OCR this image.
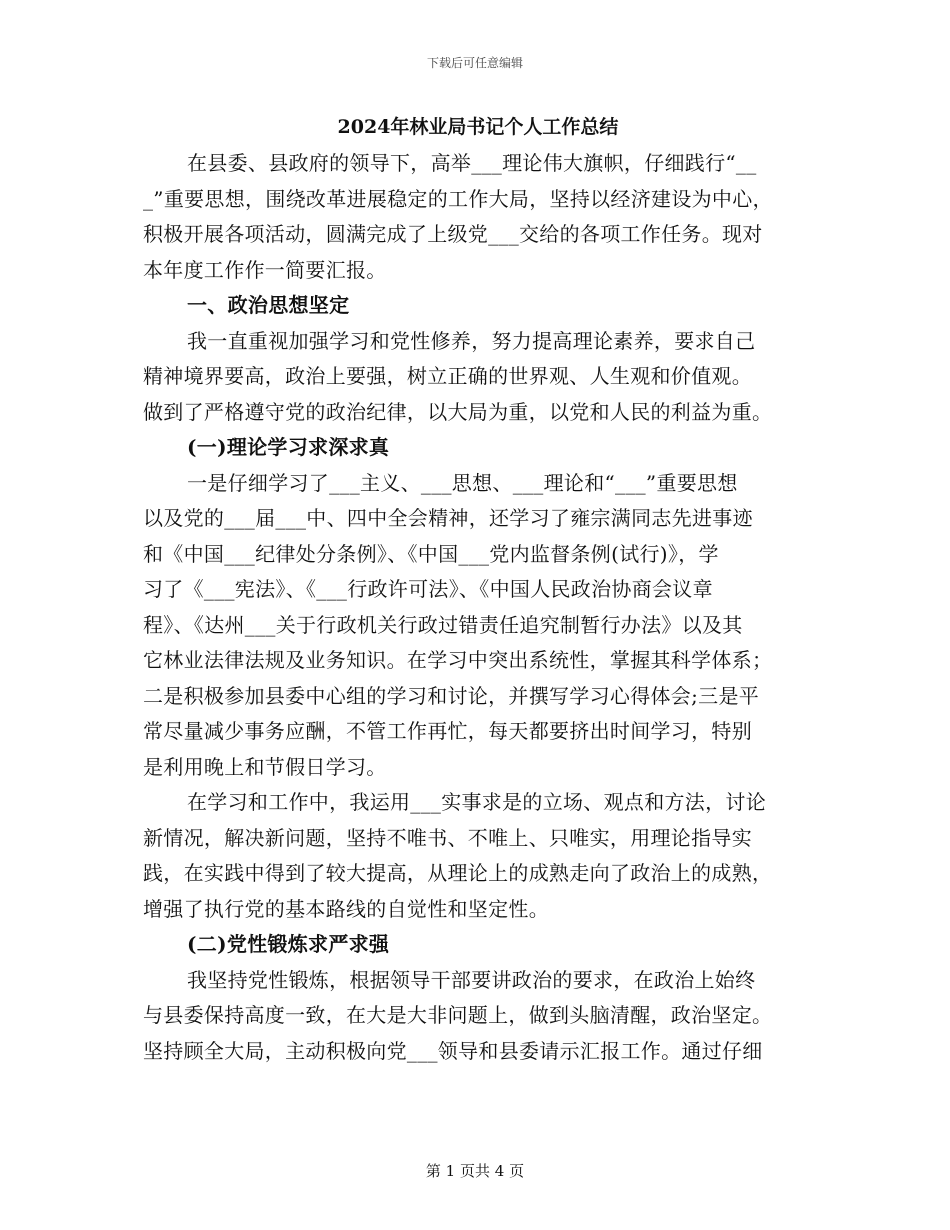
下载后可任意编辑
2024年林业局书记个人工作总结
在县委、县政府的领导下，高举___理论伟大旗帜，仔细践行“__
_”重要思想，围绕改革进展稳定的工作大局，坚持以经济建设为中心，
积极开展各项活动，圆满完成了上级党___交给的各项工作任务。现对
本年度工作作一简要汇报。
一、政治思想坚定
我一直重视加强学习和党性修养，努力提高理论素养，要求自己
精神境界要高，政治上要强，树立正确的世界观、人生观和价值观。
做到了严格遵守党的政治纪律，以大局为重，以党和人民的利益为重。
(一)理论学习求深求真
一是仔细学习了___主义、___思想、___理论和“___”重要思想
以及党的___届___中、四中全会精神，还学习了雍宗满同志先进事迹
和《中国___纪律处分条例》、《中国___党内监督条例(试行)》，学
习了《___宪法》、《___行政许可法》、《中国人民政治协商会议章
程》、《达州___关于行政机关行政过错责任追究制暂行办法》以及其
它林业法律法规及业务知识。在学习中突出系统性，掌握其科学体系；
二是积极参加县委中心组的学习和讨论，并撰写学习心得体会;三是平
常尽量减少事务应酬，不管工作再忙，每天都要挤出时间学习，特别
是利用晚上和节假日学习。
在学习和工作中，我运用___实事求是的立场、观点和方法，讨论
新情况，解决新问题，坚持不唯书、不唯上、只唯实，用理论指导实
践，在实践中得到了较大提高，从理论上的成熟走向了政治上的成熟，
增强了执行党的基本路线的自觉性和坚定性。
(二)党性锻炼求严求强
我坚持党性锻炼，根据领导干部要讲政治的要求，在政治上始终
与县委保持高度一致，在大是大非问题上，做到头脑清醒，政治坚定。
坚持顾全大局，主动积极向党___领导和县委请示汇报工作。通过仔细
第 1 页共 4 页
